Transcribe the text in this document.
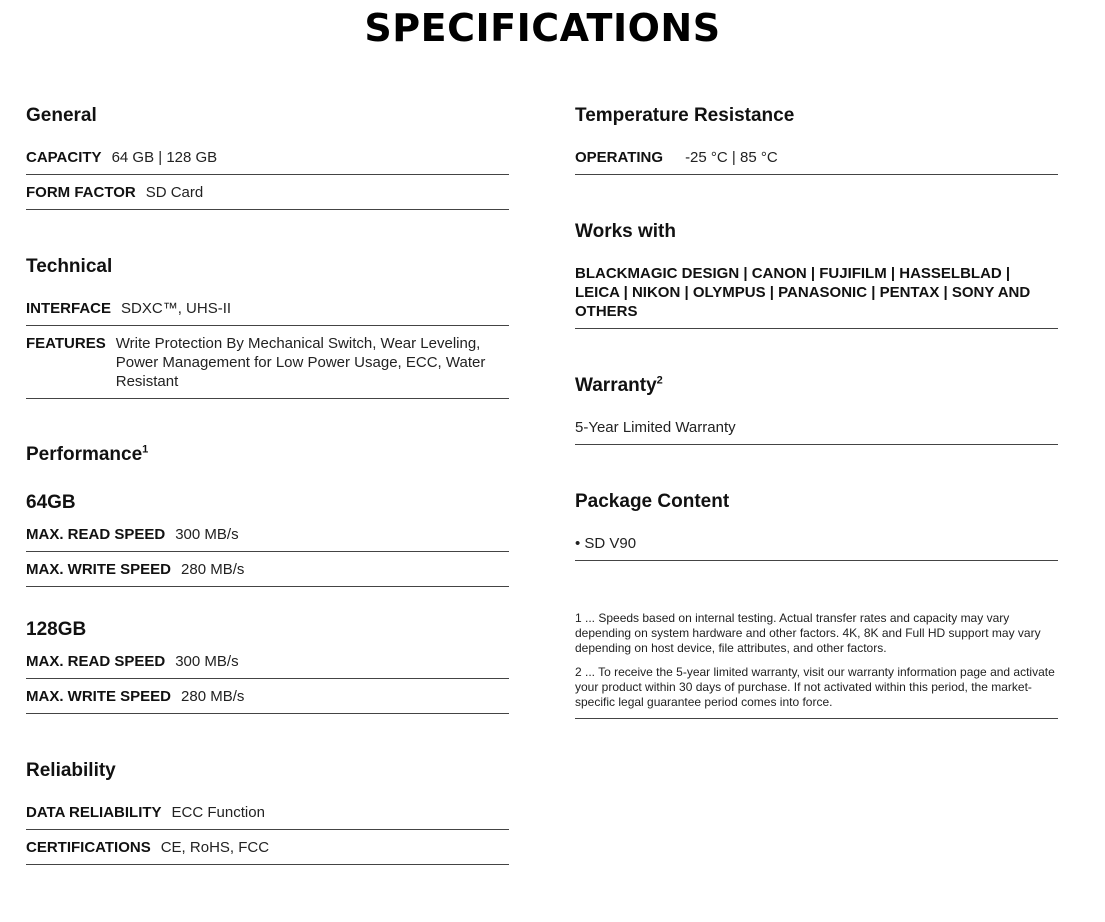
SPECIFICATIONS
General
CAPACITY 64 GB | 128 GB
FORM FACTOR SD Card
Technical
INTERFACE SDXC™, UHS-II
FEATURES Write Protection By Mechanical Switch, Wear Leveling, Power Management for Low Power Usage, ECC, Water Resistant
Performance$^1$
64GB
MAX. READ SPEED 300 MB/s
MAX. WRITE SPEED 280 MB/s
128GB
MAX. READ SPEED 300 MB/s
MAX. WRITE SPEED 280 MB/s
Reliability
DATA RELIABILITY ECC Function
CERTIFICATIONS CE, RoHS, FCC
Temperature Resistance
OPERATING -25 °C | 85 °C
Works with
BLACKMAGIC DESIGN | CANON | FUJIFILM | HASSELBLAD | LEICA | NIKON | OLYMPUS | PANASONIC | PENTAX | SONY AND OTHERS
Warranty$^2$
5-Year Limited Warranty
Package Content
• SD V90
1 ... Speeds based on internal testing. Actual transfer rates and capacity may vary depending on system hardware and other factors. 4K, 8K and Full HD support may vary depending on host device, file attributes, and other factors.
2 ... To receive the 5-year limited warranty, visit our warranty information page and activate your product within 30 days of purchase. If not activated within this period, the market-specific legal guarantee period comes into force.
